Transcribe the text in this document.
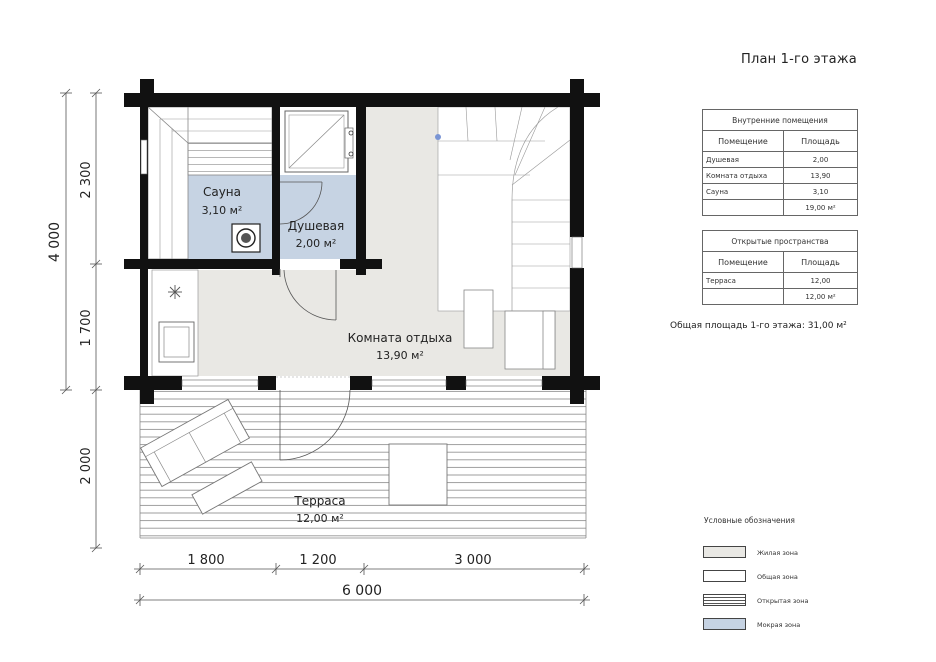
План 1-го этажа
Сауна
3,10 м²
Душевая
2,00 м²
Комната отдыха
13,90 м²
Терраса
12,00 м²
4 000
2 300
1 700
2 000
1 800	1 200	3 000
6 000
Внутренние помещения	
Помещение	Площадь
Душевая	2,00
Комната отдыха	13,90
Сауна	3,10
	19,00 м²
Открытые пространства	
Помещение	Площадь
Терраса	12,00
	12,00 м²
Общая площадь 1-го этажа: 31,00 м²
Условные обозначения
Жилая зона
Общая зона
Открытая зона
Мокрая зона
